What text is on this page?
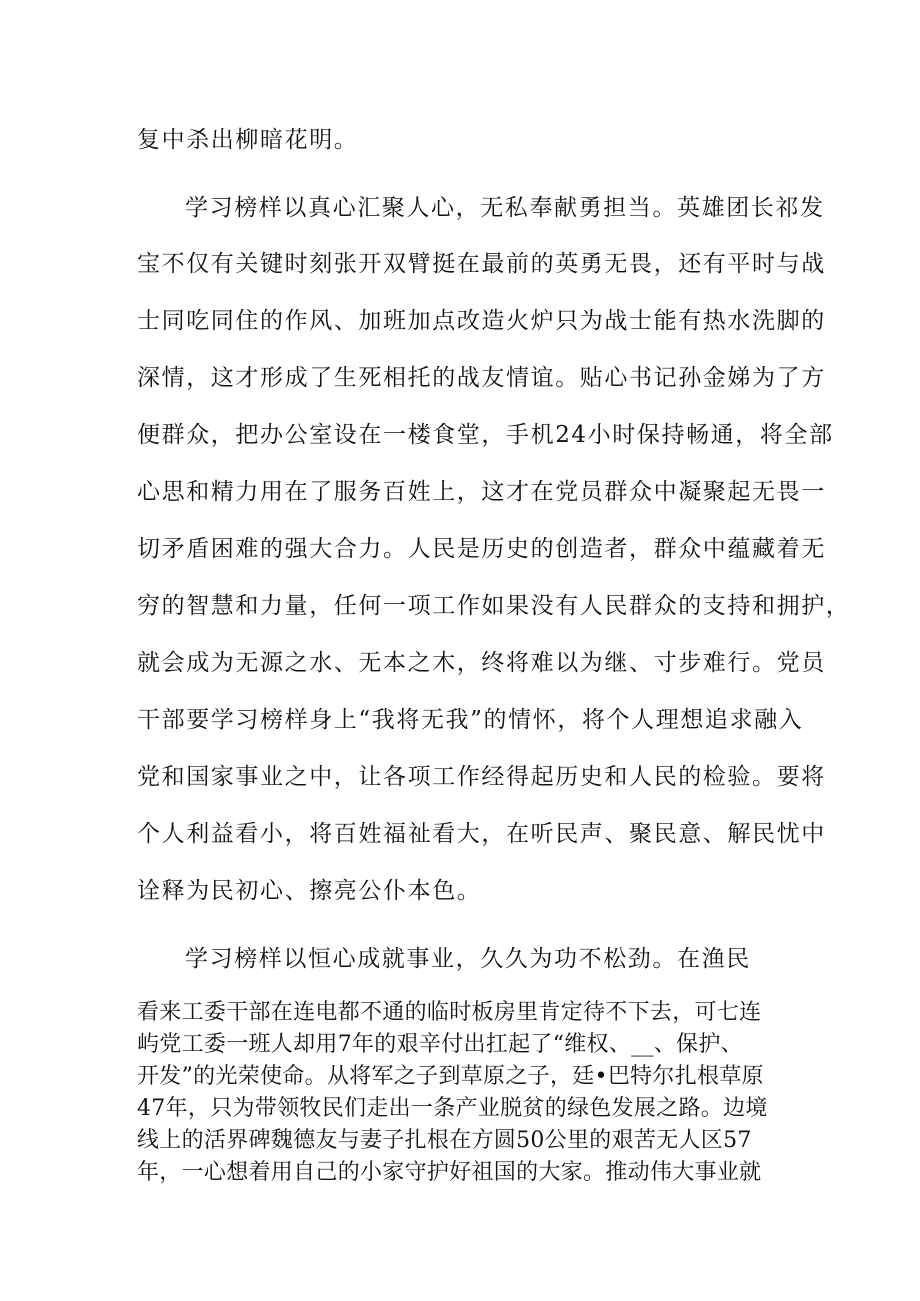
复中杀出柳暗花明。
学习榜样以真心汇聚人心，无私奉献勇担当。英雄团长祁发
宝不仅有关键时刻张开双臂挺在最前的英勇无畏，还有平时与战
士同吃同住的作风、加班加点改造火炉只为战士能有热水洗脚的
深情，这才形成了生死相托的战友情谊。贴心书记孙金娣为了方
便群众，把办公室设在一楼食堂，手机24小时保持畅通，将全部
心思和精力用在了服务百姓上，这才在党员群众中凝聚起无畏一
切矛盾困难的强大合力。人民是历史的创造者，群众中蕴藏着无
穷的智慧和力量，任何一项工作如果没有人民群众的支持和拥护，
就会成为无源之水、无本之木，终将难以为继、寸步难行。党员
干部要学习榜样身上“我将无我”的情怀，将个人理想追求融入
党和国家事业之中，让各项工作经得起历史和人民的检验。要将
个人利益看小，将百姓福祉看大，在听民声、聚民意、解民忧中
诠释为民初心、擦亮公仆本色。
学习榜样以恒心成就事业，久久为功不松劲。在渔民
看来工委干部在连电都不通的临时板房里肯定待不下去，可七连
屿党工委一班人却用7年的艰辛付出扛起了“维权、__、保护、
开发”的光荣使命。从将军之子到草原之子，廷•巴特尔扎根草原
47年，只为带领牧民们走出一条产业脱贫的绿色发展之路。边境
线上的活界碑魏德友与妻子扎根在方圆50公里的艰苦无人区57
年，一心想着用自己的小家守护好祖国的大家。推动伟大事业就
